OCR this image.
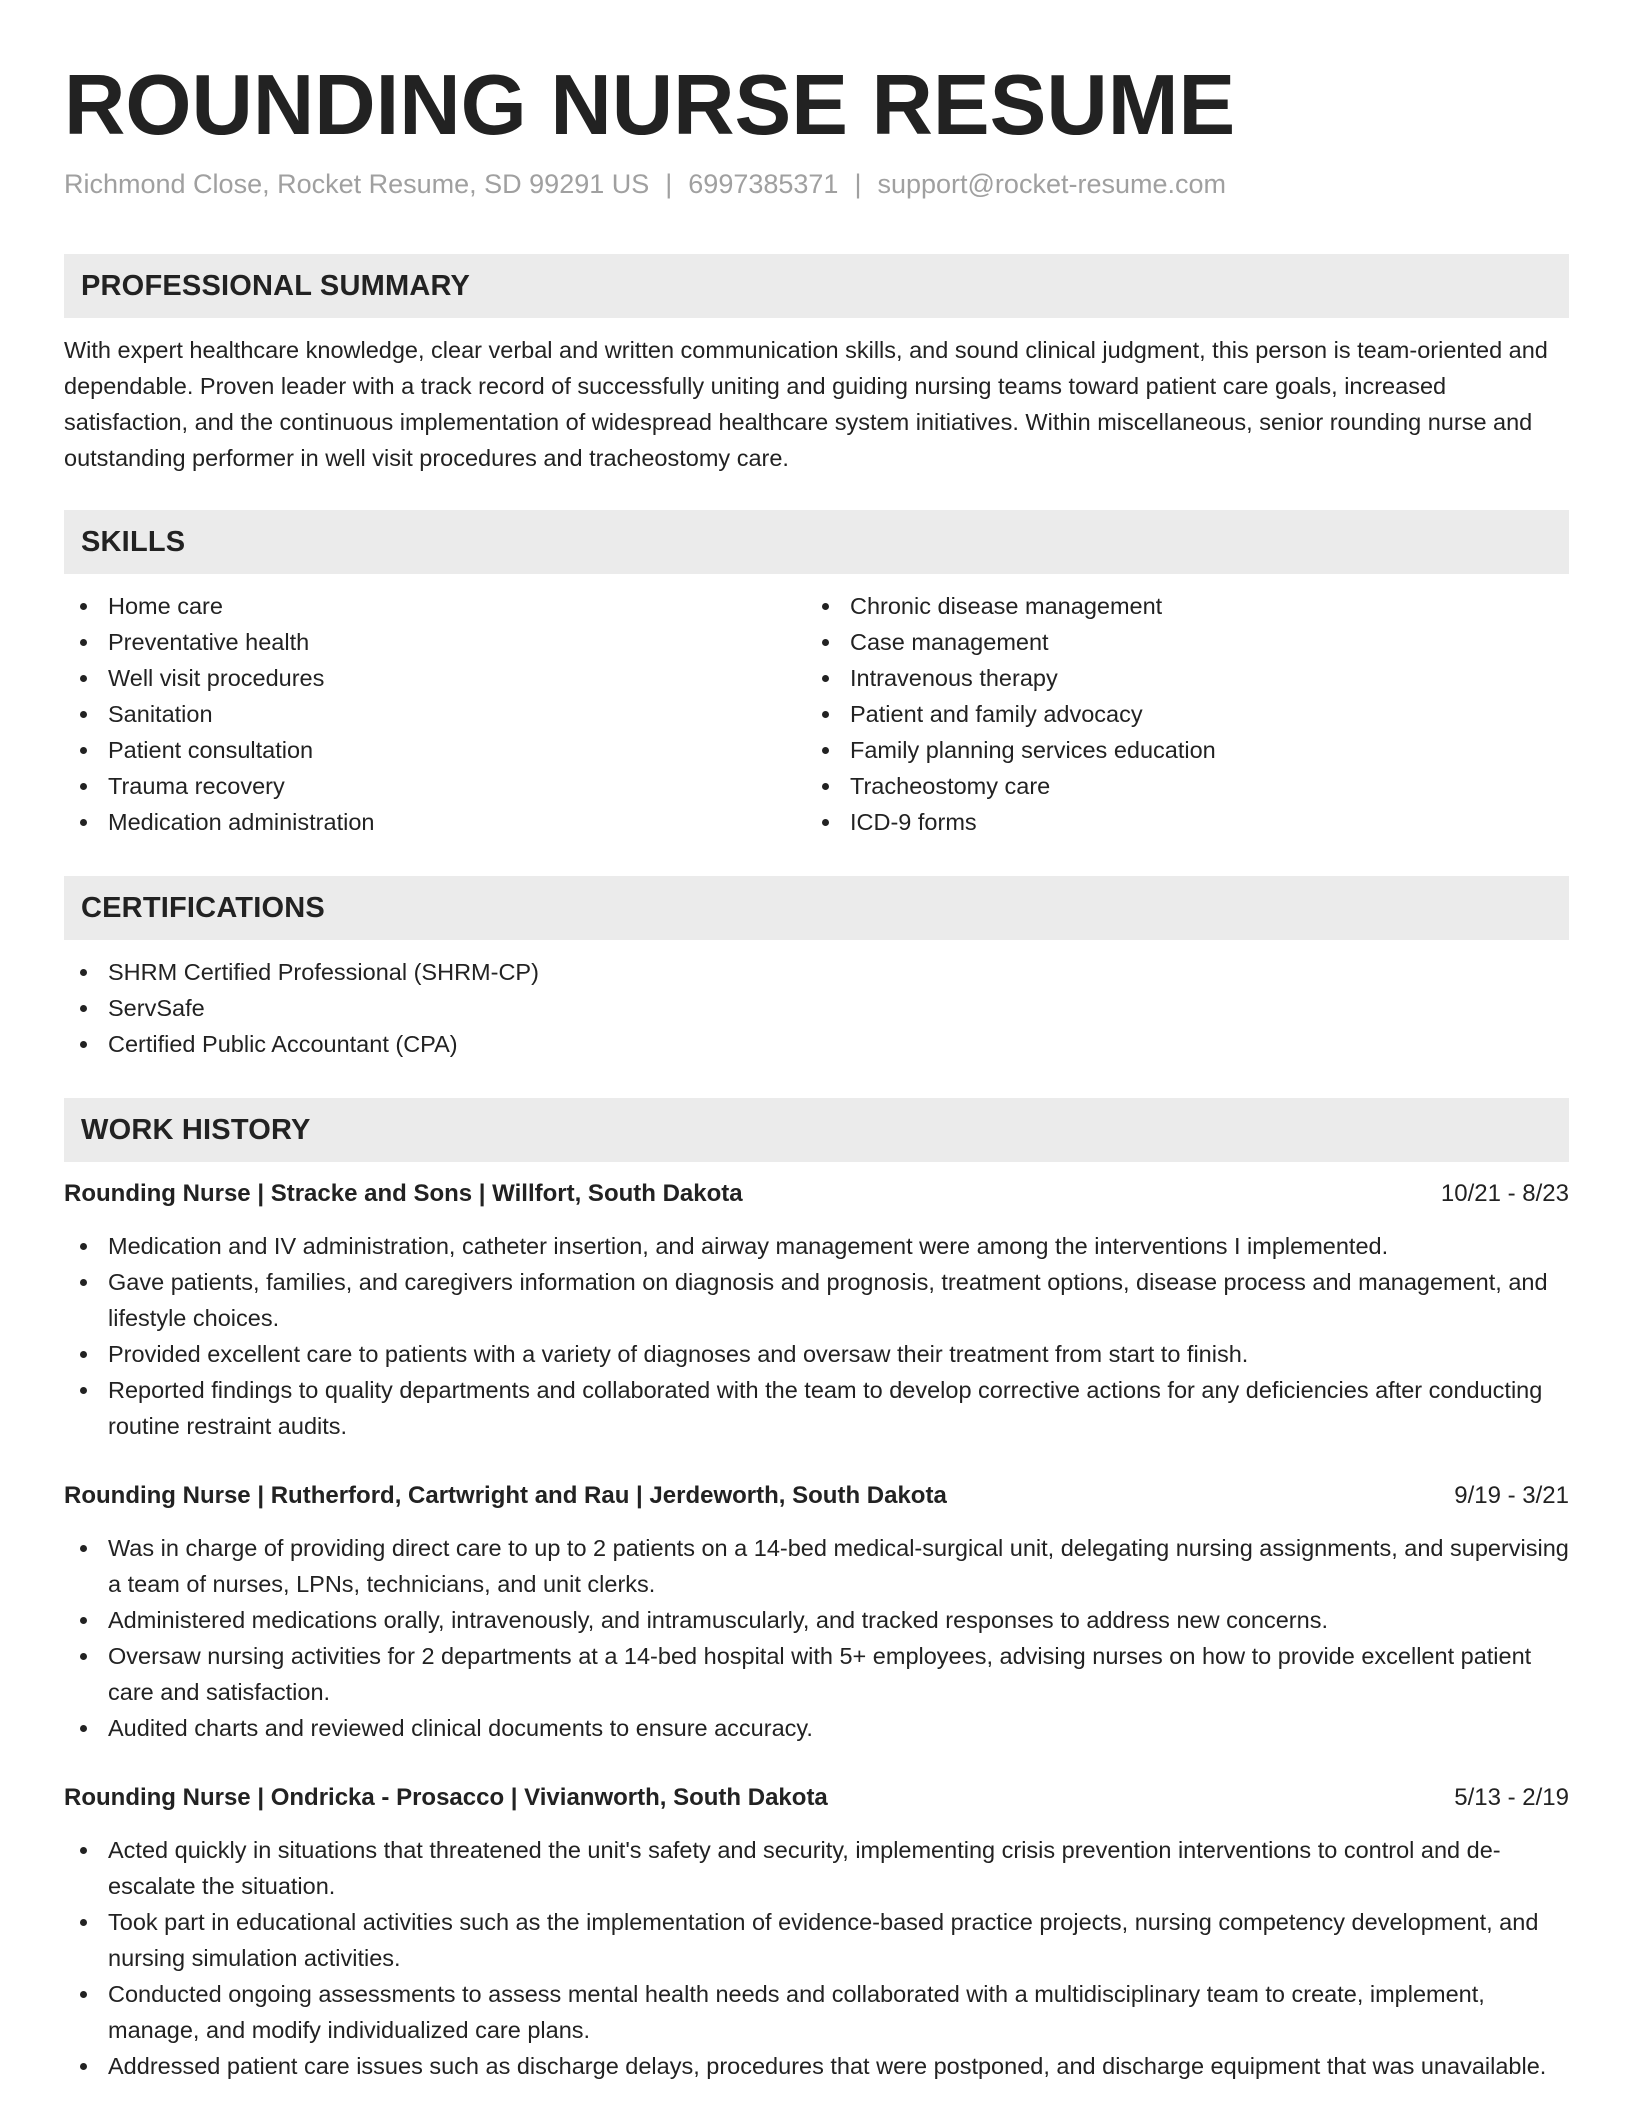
ROUNDING NURSE RESUME
Richmond Close, Rocket Resume, SD 99291 US | 6997385371 | support@rocket-resume.com
PROFESSIONAL SUMMARY
With expert healthcare knowledge, clear verbal and written communication skills, and sound clinical judgment, this person is team-oriented and dependable. Proven leader with a track record of successfully uniting and guiding nursing teams toward patient care goals, increased satisfaction, and the continuous implementation of widespread healthcare system initiatives. Within miscellaneous, senior rounding nurse and outstanding performer in well visit procedures and tracheostomy care.
SKILLS
Home care
Preventative health
Well visit procedures
Sanitation
Patient consultation
Trauma recovery
Medication administration
Chronic disease management
Case management
Intravenous therapy
Patient and family advocacy
Family planning services education
Tracheostomy care
ICD-9 forms
CERTIFICATIONS
SHRM Certified Professional (SHRM-CP)
ServSafe
Certified Public Accountant (CPA)
WORK HISTORY
Rounding Nurse | Stracke and Sons | Willfort, South Dakota	10/21 - 8/23
Medication and IV administration, catheter insertion, and airway management were among the interventions I implemented.
Gave patients, families, and caregivers information on diagnosis and prognosis, treatment options, disease process and management, and lifestyle choices.
Provided excellent care to patients with a variety of diagnoses and oversaw their treatment from start to finish.
Reported findings to quality departments and collaborated with the team to develop corrective actions for any deficiencies after conducting routine restraint audits.
Rounding Nurse | Rutherford, Cartwright and Rau | Jerdeworth, South Dakota	9/19 - 3/21
Was in charge of providing direct care to up to 2 patients on a 14-bed medical-surgical unit, delegating nursing assignments, and supervising a team of nurses, LPNs, technicians, and unit clerks.
Administered medications orally, intravenously, and intramuscularly, and tracked responses to address new concerns.
Oversaw nursing activities for 2 departments at a 14-bed hospital with 5+ employees, advising nurses on how to provide excellent patient care and satisfaction.
Audited charts and reviewed clinical documents to ensure accuracy.
Rounding Nurse | Ondricka - Prosacco | Vivianworth, South Dakota	5/13 - 2/19
Acted quickly in situations that threatened the unit's safety and security, implementing crisis prevention interventions to control and de-escalate the situation.
Took part in educational activities such as the implementation of evidence-based practice projects, nursing competency development, and nursing simulation activities.
Conducted ongoing assessments to assess mental health needs and collaborated with a multidisciplinary team to create, implement, manage, and modify individualized care plans.
Addressed patient care issues such as discharge delays, procedures that were postponed, and discharge equipment that was unavailable.
